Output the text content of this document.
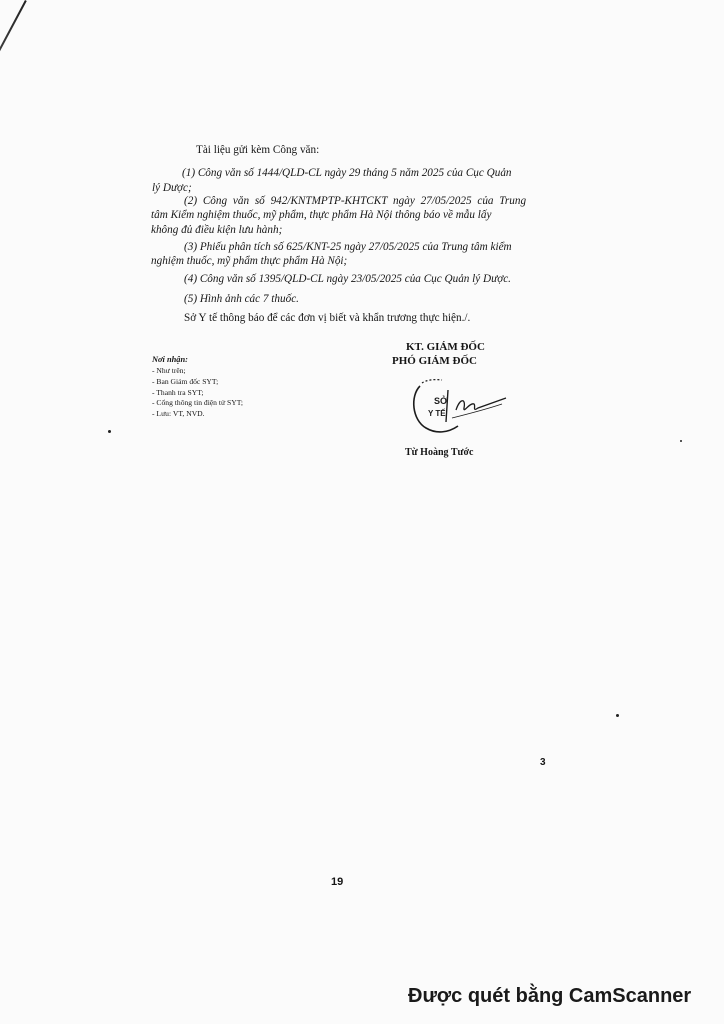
Tài liệu gửi kèm Công văn:
(1) Công văn số 1444/QLD-CL ngày 29 tháng 5 năm 2025 của Cục Quản
lý Dược;
(2) Công văn số 942/KNTMPTP-KHTCKT ngày 27/05/2025 của Trung
tâm Kiểm nghiệm thuốc, mỹ phẩm, thực phẩm Hà Nội thông báo về mẫu lấy
không đủ điều kiện lưu hành;
(3) Phiếu phân tích số 625/KNT-25 ngày 27/05/2025 của Trung tâm kiểm
nghiệm thuốc, mỹ phẩm thực phẩm Hà Nội;
(4) Công văn số 1395/QLD-CL ngày 23/05/2025 của Cục Quản lý Dược.
(5) Hình ảnh các 7 thuốc.
Sở Y tế thông báo để các đơn vị biết và khẩn trương thực hiện./.
Nơi nhận:
- Như trên;
- Ban Giám đốc SYT;
- Thanh tra SYT;
- Cổng thông tin điện tử SYT;
- Lưu: VT, NVD.
KT. GIÁM ĐỐC
PHÓ GIÁM ĐỐC
SỞ
Y TẾ
Từ Hoàng Tước
3
19
Được quét bằng CamScanner
